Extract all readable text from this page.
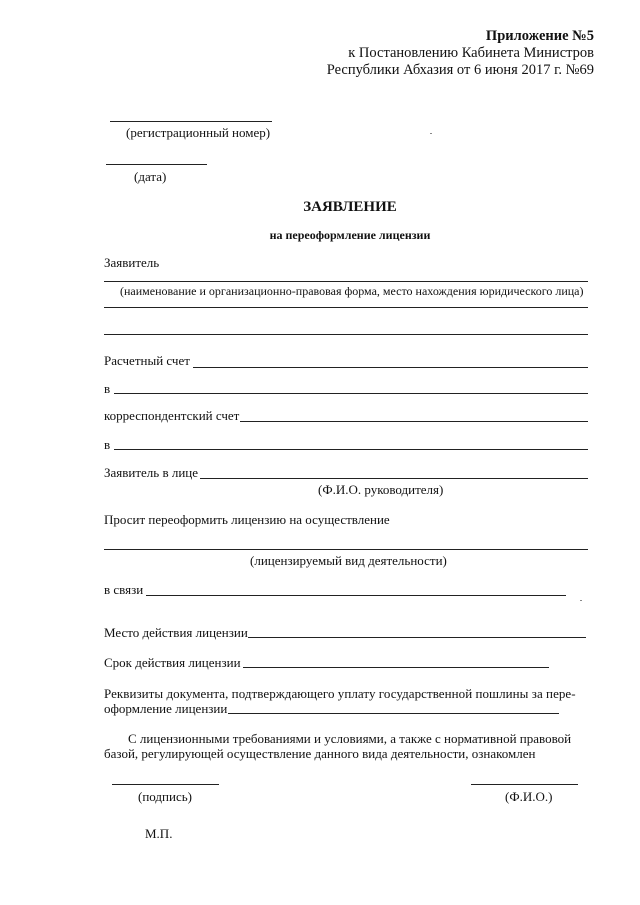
Приложение №5
к Постановлению Кабинета Министров
Республики Абхазия от 6 июня 2017 г. №69
(регистрационный номер)
(дата)
ЗАЯВЛЕНИЕ
на переоформление лицензии
Заявитель
(наименование и организационно-правовая форма, место нахождения юридического лица)
Расчетный счет
в
корреспондентский счет
в
Заявитель в лице
(Ф.И.О. руководителя)
Просит переоформить лицензию на осуществление
(лицензируемый вид деятельности)
в связи
Место действия лицензии
Срок действия лицензии
Реквизиты документа, подтверждающего уплату государственной пошлины за пере-
оформление лицензии
С лицензионными требованиями и условиями, а также с нормативной правовой
базой, регулирующей осуществление данного вида деятельности, ознакомлен
(подпись)	(Ф.И.О.)
М.П.
